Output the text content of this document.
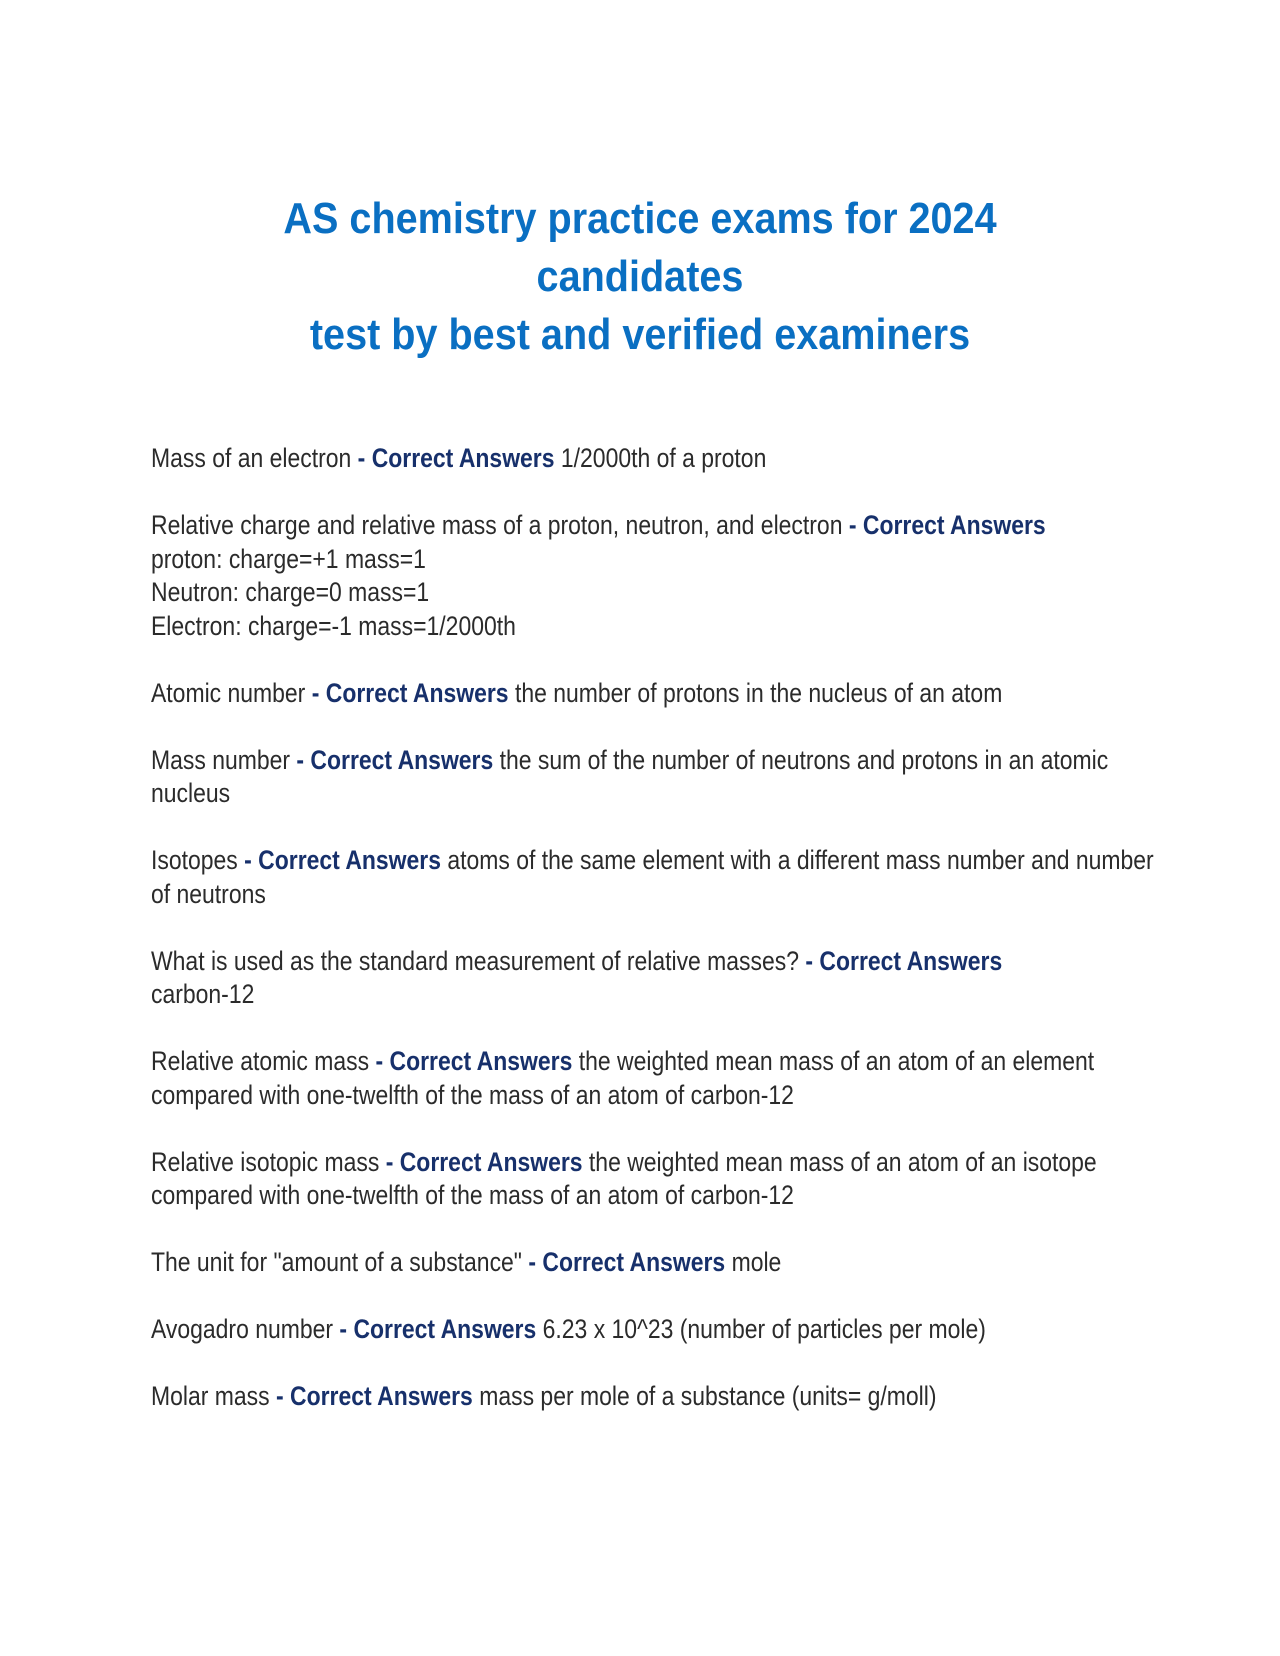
AS chemistry practice exams for 2024 candidates
test by best and verified examiners

Mass of an electron - Correct Answers 1/2000th of a proton

Relative charge and relative mass of a proton, neutron, and electron - Correct Answers
proton: charge=+1 mass=1
Neutron: charge=0 mass=1
Electron: charge=-1 mass=1/2000th

Atomic number - Correct Answers the number of protons in the nucleus of an atom

Mass number - Correct Answers the sum of the number of neutrons and protons in an atomic nucleus

Isotopes - Correct Answers atoms of the same element with a different mass number and number of neutrons

What is used as the standard measurement of relative masses? - Correct Answers
carbon-12

Relative atomic mass - Correct Answers the weighted mean mass of an atom of an element compared with one-twelfth of the mass of an atom of carbon-12

Relative isotopic mass - Correct Answers the weighted mean mass of an atom of an isotope compared with one-twelfth of the mass of an atom of carbon-12

The unit for "amount of a substance" - Correct Answers mole

Avogadro number - Correct Answers 6.23 x 10^23 (number of particles per mole)

Molar mass - Correct Answers mass per mole of a substance (units= g/moll)
